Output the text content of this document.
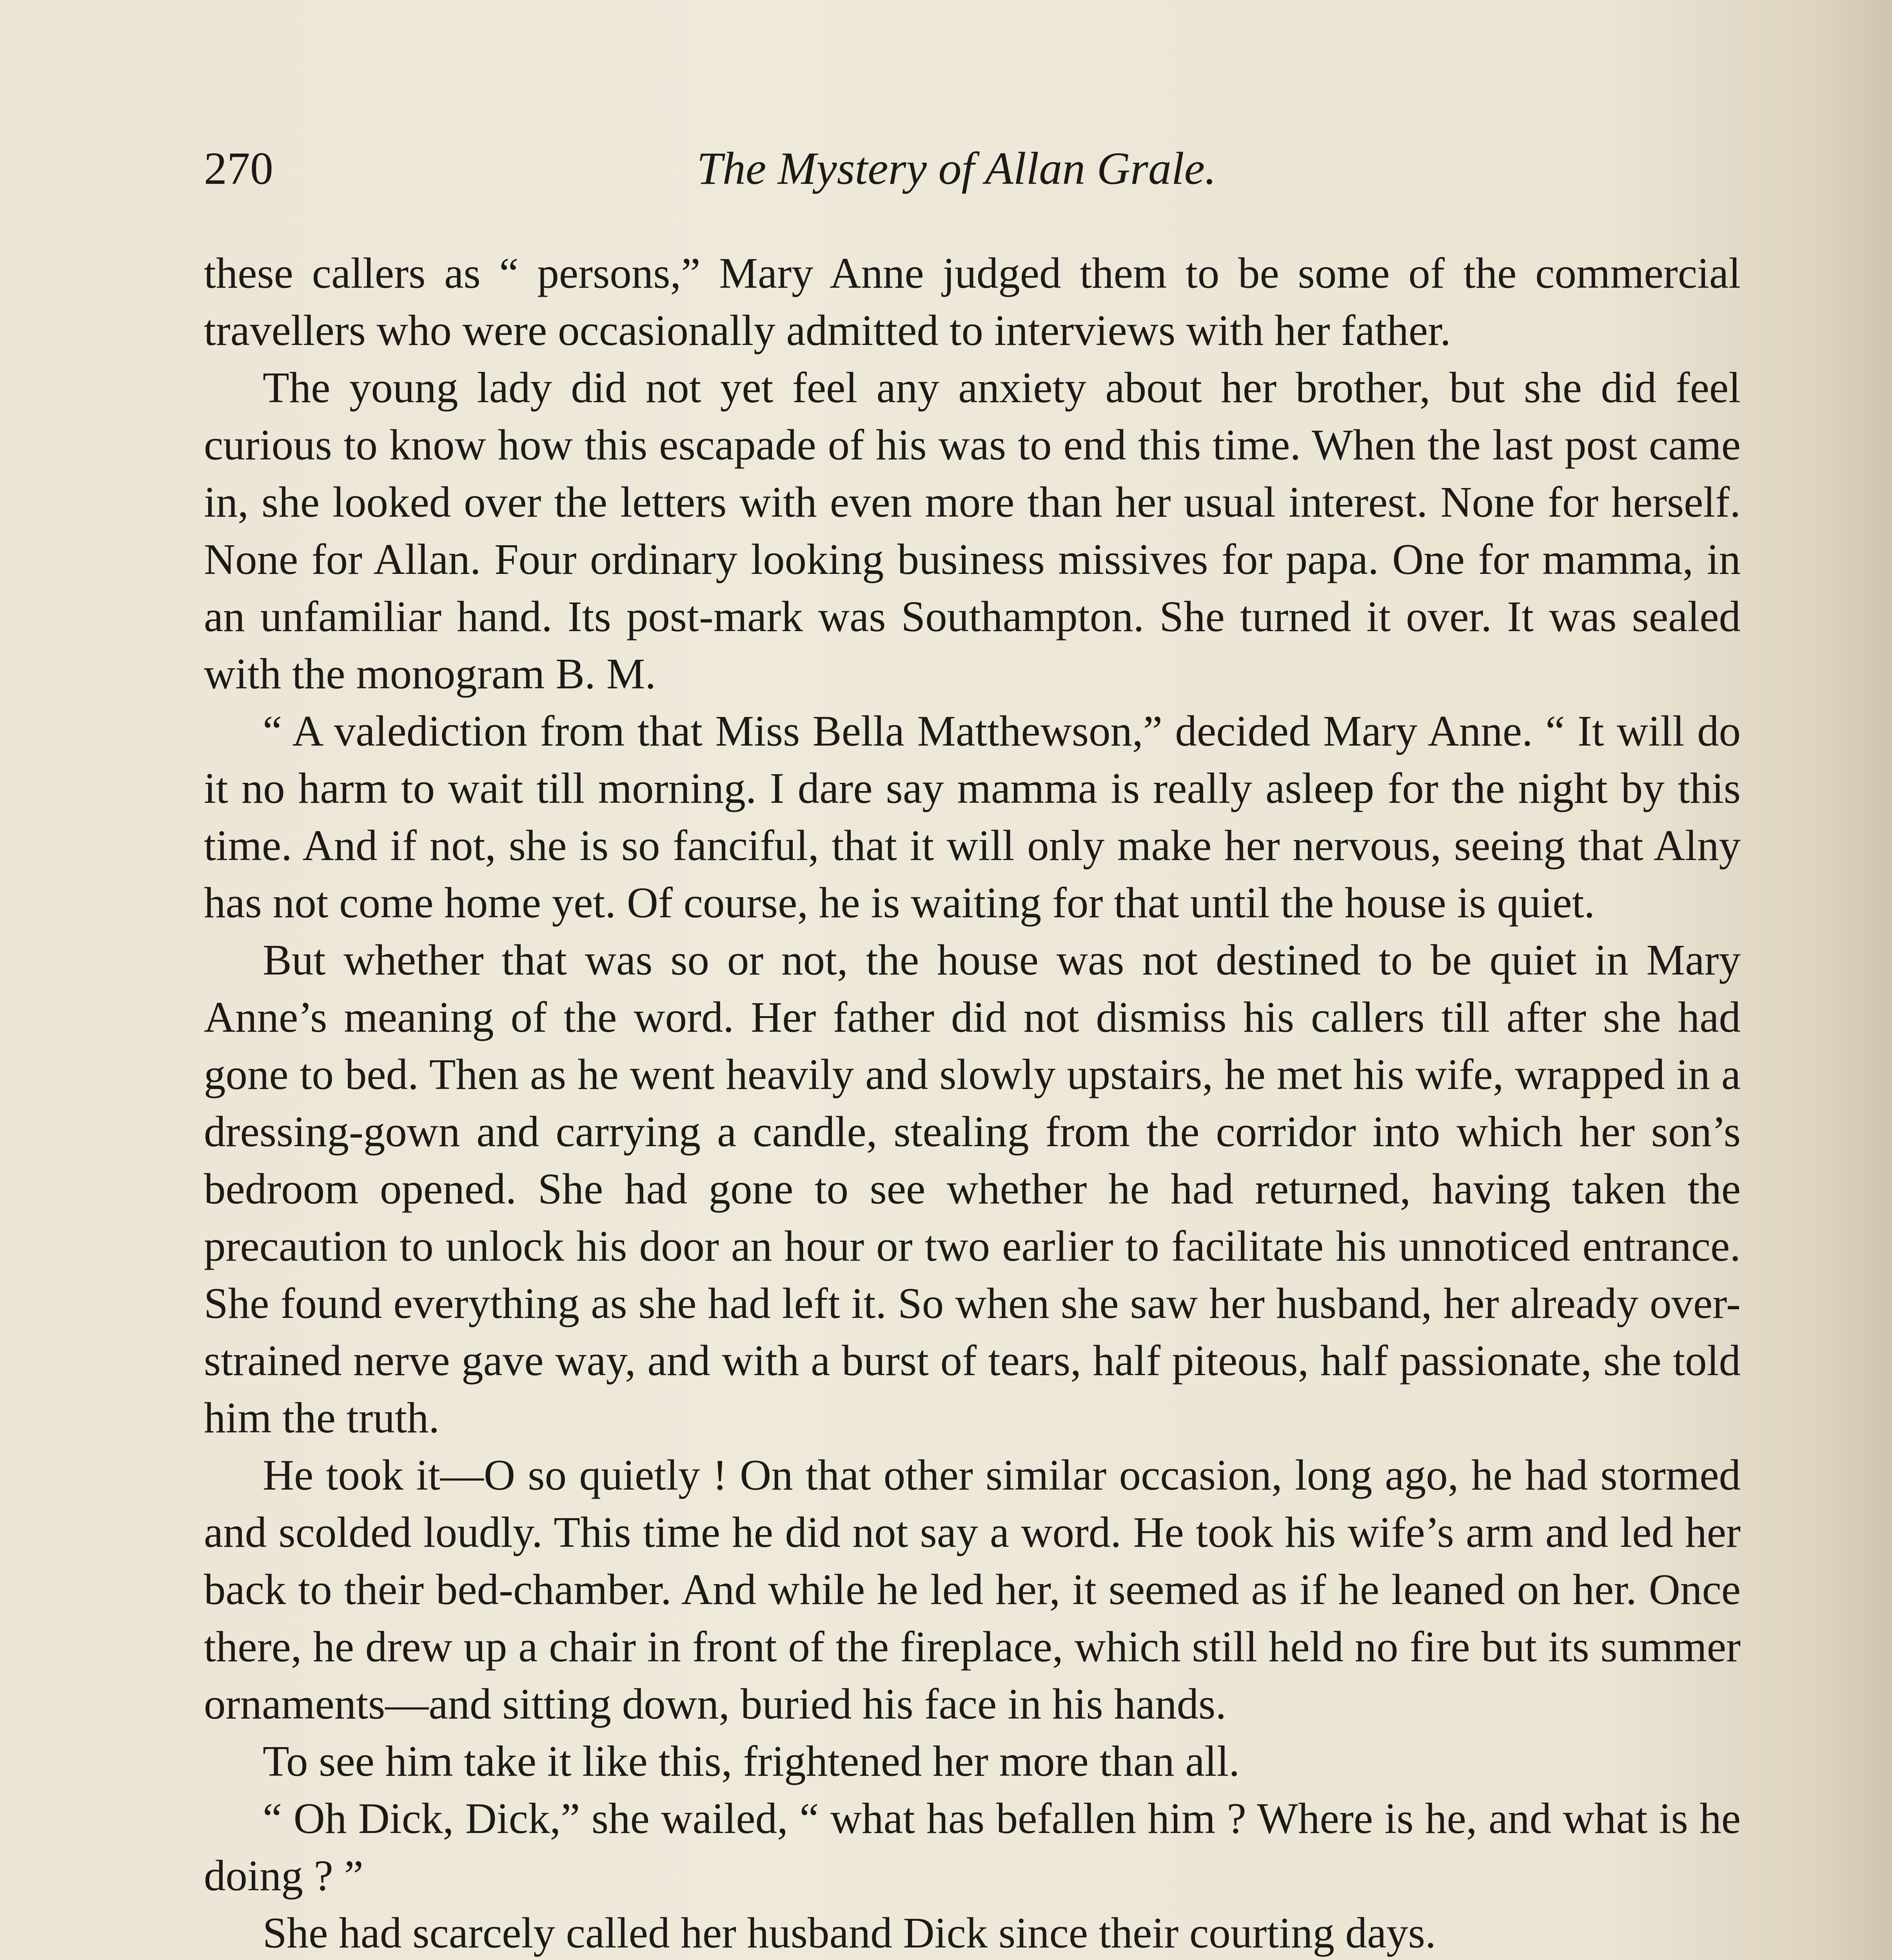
270	The Mystery of Allan Grale.

these callers as “ persons,” Mary Anne judged them to be some of the commercial travellers who were occasionally admitted to interviews with her father.

The young lady did not yet feel any anxiety about her brother, but she did feel curious to know how this escapade of his was to end this time. When the last post came in, she looked over the letters with even more than her usual interest. None for herself. None for Allan. Four ordinary looking business missives for papa. One for mamma, in an unfamiliar hand. Its post-mark was Southampton. She turned it over. It was sealed with the monogram B. M.

“ A valediction from that Miss Bella Matthewson,” decided Mary Anne. “ It will do it no harm to wait till morning. I dare say mamma is really asleep for the night by this time. And if not, she is so fanciful, that it will only make her nervous, seeing that Alny has not come home yet. Of course, he is waiting for that until the house is quiet.

But whether that was so or not, the house was not destined to be quiet in Mary Anne’s meaning of the word. Her father did not dismiss his callers till after she had gone to bed. Then as he went heavily and slowly upstairs, he met his wife, wrapped in a dressing-gown and carrying a candle, stealing from the corridor into which her son’s bedroom opened. She had gone to see whether he had returned, having taken the precaution to unlock his door an hour or two earlier to facilitate his unnoticed entrance. She found everything as she had left it. So when she saw her husband, her already over-strained nerve gave way, and with a burst of tears, half piteous, half passionate, she told him the truth.

He took it—O so quietly ! On that other similar occasion, long ago, he had stormed and scolded loudly. This time he did not say a word. He took his wife’s arm and led her back to their bed-chamber. And while he led her, it seemed as if he leaned on her. Once there, he drew up a chair in front of the fireplace, which still held no fire but its summer ornaments—and sitting down, buried his face in his hands.

To see him take it like this, frightened her more than all.

“ Oh Dick, Dick,” she wailed, “ what has befallen him ? Where is he, and what is he doing ? ”

She had scarcely called her husband Dick since their courting days.
